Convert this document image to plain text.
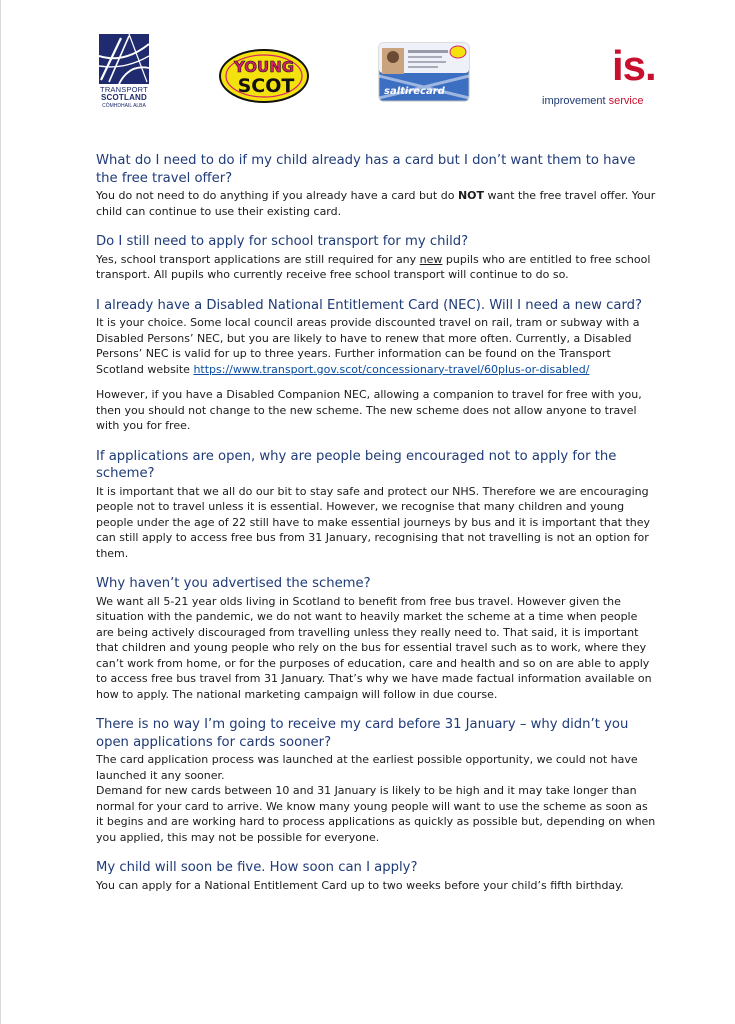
TRANSPORT
SCOTLAND
CÒMHDHAIL ALBA
YOUNG
SCOT	saltirecard
is.
improvement service
What do I need to do if my child already has a card but I don’t want them to have the free travel offer?

You do not need to do anything if you already have a card but do NOT want the free travel offer. Your child can continue to use their existing card.

Do I still need to apply for school transport for my child?

Yes, school transport applications are still required for any new pupils who are entitled to free school transport. All pupils who currently receive free school transport will continue to do so.

I already have a Disabled National Entitlement Card (NEC). Will I need a new card?

It is your choice. Some local council areas provide discounted travel on rail, tram or subway with a Disabled Persons’ NEC, but you are likely to have to renew that more often. Currently, a Disabled Persons’ NEC is valid for up to three years. Further information can be found on the Transport Scotland website https://www.transport.gov.scot/concessionary-travel/60plus-or-disabled/

However, if you have a Disabled Companion NEC, allowing a companion to travel for free with you, then you should not change to the new scheme. The new scheme does not allow anyone to travel with you for free.

If applications are open, why are people being encouraged not to apply for the scheme?

It is important that we all do our bit to stay safe and protect our NHS. Therefore we are encouraging people not to travel unless it is essential. However, we recognise that many children and young people under the age of 22 still have to make essential journeys by bus and it is important that they can still apply to access free bus from 31 January, recognising that not travelling is not an option for them.

Why haven’t you advertised the scheme?

We want all 5-21 year olds living in Scotland to benefit from free bus travel. However given the situation with the pandemic, we do not want to heavily market the scheme at a time when people are being actively discouraged from travelling unless they really need to. That said, it is important that children and young people who rely on the bus for essential travel such as to work, where they can’t work from home, or for the purposes of education, care and health and so on are able to apply to access free bus travel from 31 January. That’s why we have made factual information available on how to apply. The national marketing campaign will follow in due course.

There is no way I’m going to receive my card before 31 January – why didn’t you open applications for cards sooner?

The card application process was launched at the earliest possible opportunity, we could not have launched it any sooner.

Demand for new cards between 10 and 31 January is likely to be high and it may take longer than normal for your card to arrive. We know many young people will want to use the scheme as soon as it begins and are working hard to process applications as quickly as possible but, depending on when you applied, this may not be possible for everyone.

My child will soon be five. How soon can I apply?

You can apply for a National Entitlement Card up to two weeks before your child’s fifth birthday.
